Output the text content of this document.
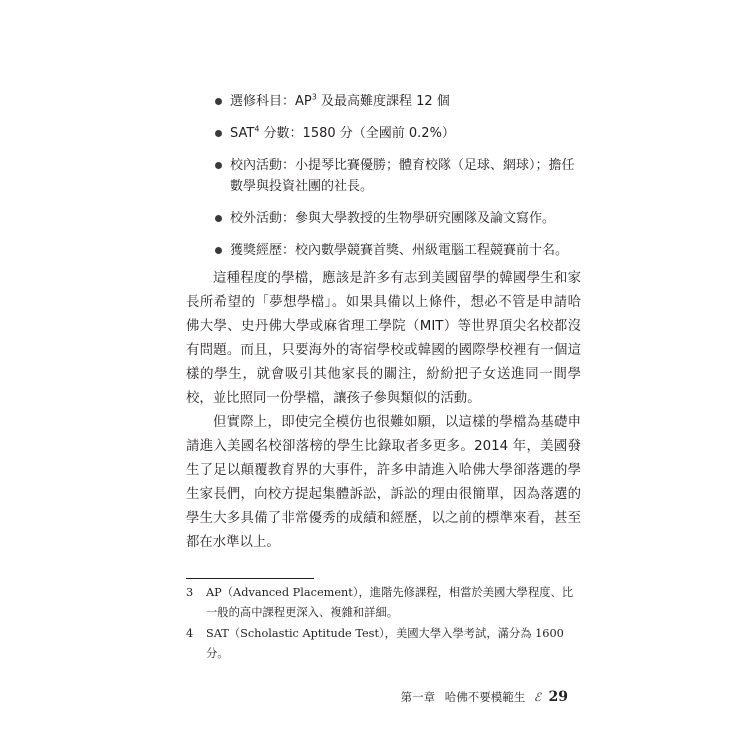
選修科目：$AP^3$ 及最高難度課程 12 個
SAT$^4$ 分數：1580 分（全國前 0.2%）
校內活動：小提琴比賽優勝；體育校隊（足球、網球）；擔任數學與投資社團的社長。
校外活動：參與大學教授的生物學研究團隊及論文寫作。
獲獎經歷：校內數學競賽首獎、州級電腦工程競賽前十名。

這種程度的學檔，應該是許多有志到美國留學的韓國學生和家長所希望的「夢想學檔」。如果具備以上條件，想必不管是申請哈佛大學、史丹佛大學或麻省理工學院（MIT）等世界頂尖名校都沒有問題。而且，只要海外的寄宿學校或韓國的國際學校裡有一個這樣的學生，就會吸引其他家長的關注，紛紛把子女送進同一間學校，並比照同一份學檔，讓孩子參與類似的活動。

但實際上，即使完全模仿也很難如願，以這樣的學檔為基礎申請進入美國名校卻落榜的學生比錄取者多更多。2014 年，美國發生了足以顛覆教育界的大事件，許多申請進入哈佛大學卻落選的學生家長們，向校方提起集體訴訟，訴訟的理由很簡單，因為落選的學生大多具備了非常優秀的成績和經歷，以之前的標準來看，甚至都在水準以上。

3 AP（Advanced Placement），進階先修課程，相當於美國大學程度、比一般的高中課程更深入、複雜和詳細。
4 SAT（Scholastic Aptitude Test），美國大學入學考試，滿分為 1600 分。
第一章 哈佛不要模範生 ℰ 29
